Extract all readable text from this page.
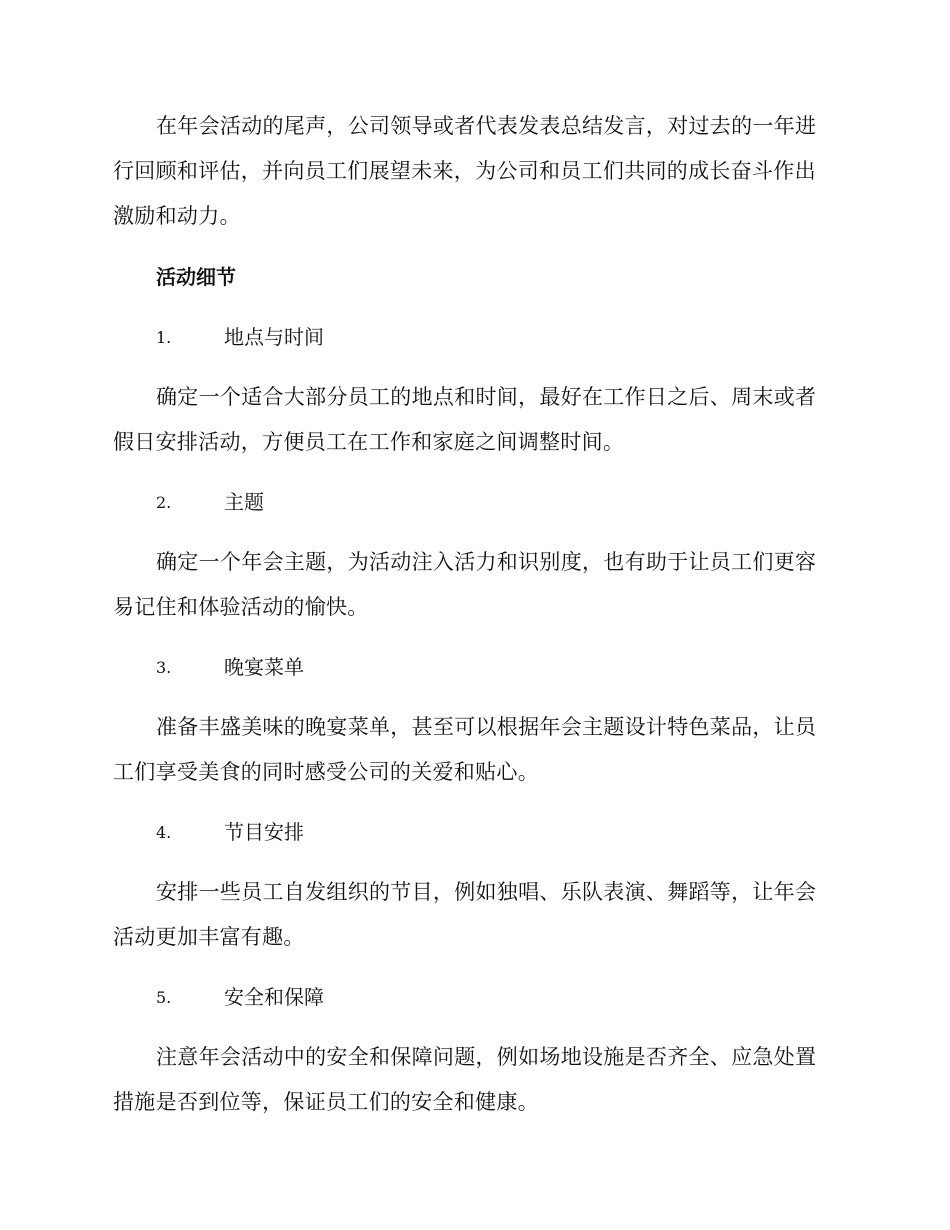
在年会活动的尾声，公司领导或者代表发表总结发言，对过去的一年进行回顾和评估，并向员工们展望未来，为公司和员工们共同的成长奋斗作出激励和动力。

活动细节

1.	地点与时间

确定一个适合大部分员工的地点和时间，最好在工作日之后、周末或者假日安排活动，方便员工在工作和家庭之间调整时间。

2.	主题

确定一个年会主题，为活动注入活力和识别度，也有助于让员工们更容易记住和体验活动的愉快。

3.	晚宴菜单

准备丰盛美味的晚宴菜单，甚至可以根据年会主题设计特色菜品，让员工们享受美食的同时感受公司的关爱和贴心。

4.	节目安排

安排一些员工自发组织的节目，例如独唱、乐队表演、舞蹈等，让年会活动更加丰富有趣。

5.	安全和保障

注意年会活动中的安全和保障问题，例如场地设施是否齐全、应急处置措施是否到位等，保证员工们的安全和健康。
